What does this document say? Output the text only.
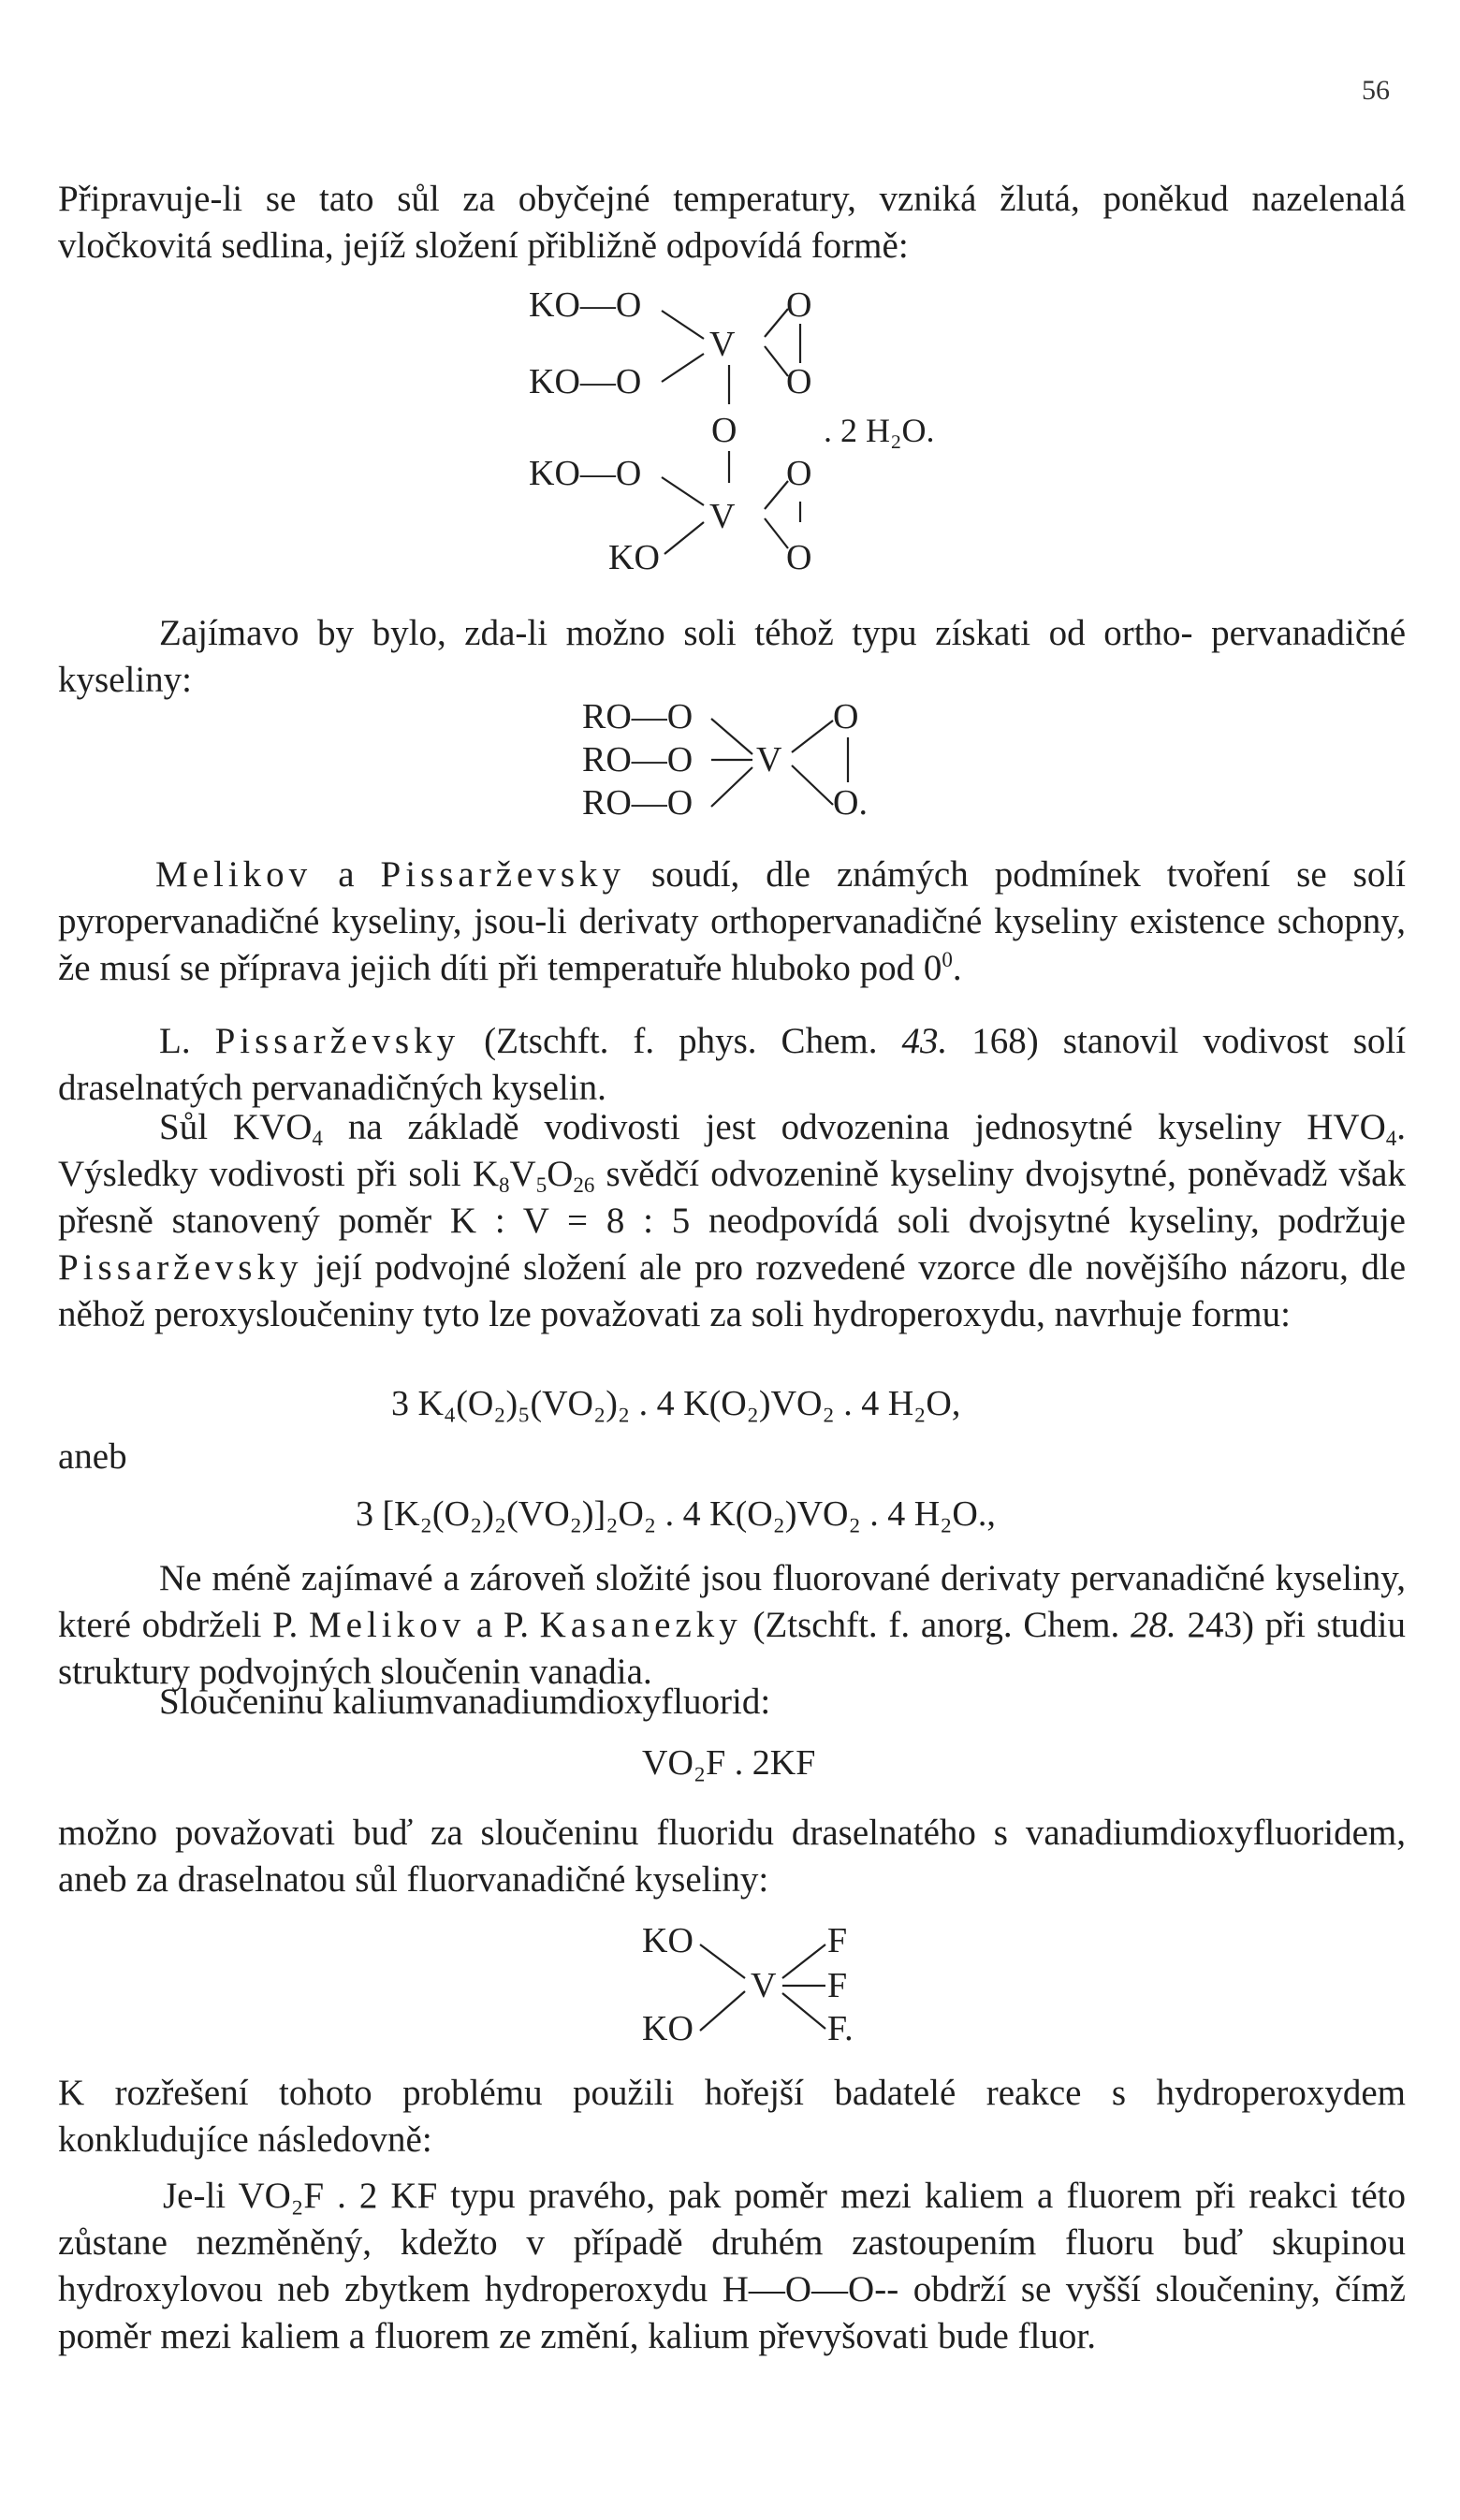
56
Připravuje-li se tato sůl za obyčejné temperatury, vzniká žlutá, poněkud nazelenalá vločkovitá sedlina, jejíž složení přibližně odpovídá formě:
KO—O
KO—O
KO—O
KO
V
V
O
O
O
O
O
. 2 H₂O.
Zajímavo by bylo, zda-li možno soli téhož typu získati od ortho- pervanadičné kyseliny:
RO—O
RO—O
RO—O
V
O
O.
Melikov a Pissarževsky soudí, dle známých podmínek tvoření se solí pyropervanadičné kyseliny, jsou-li derivaty orthopervanadičné kyseliny existence schopny, že musí se příprava jejich díti při temperatuře hluboko pod $0^0$.
L. Pissarževsky (Ztschft. f. phys. Chem. 43. 168) stanovil vodivost solí draselnatých pervanadičných kyselin.
Sůl $KVO_4$ na základě vodivosti jest odvozenina jednosytné kyseliny $HVO_4$. Výsledky vodivosti při soli $K_8V_5O_{26}$ svědčí odvozenině kyseliny dvojsytné, poněvadž však přesně stanovený poměr K : V = 8 : 5 neodpovídá soli dvojsytné kyseliny, podržuje Pissarževsky její podvojné složení ale pro rozvedené vzorce dle novějšího názoru, dle něhož peroxysloučeniny tyto lze považovati za soli hydroperoxydu, navrhuje formu:
3 K₄(O₂)₅(VO₂)₂ . 4 K(O₂)VO₂ . 4 H₂O,
aneb
3 [K₂(O₂)₂(VO₂)]₂O₂ . 4 K(O₂)VO₂ . 4 H₂O.,
Ne méně zajímavé a zároveň složité jsou fluorované derivaty pervanadičné kyseliny, které obdrželi P. Melikov a P. Kasanezky (Ztschft. f. anorg. Chem. 28. 243) při studiu struktury podvojných sloučenin vanadia.
Sloučeninu kaliumvanadiumdioxyfluorid:
VO₂F . 2KF
možno považovati buď za sloučeninu fluoridu draselnatého s vanadiumdioxyfluoridem, aneb za draselnatou sůl fluorvanadičné kyseliny:
KO
KO
V
F
F
F.
K rozřešení tohoto problému použili hořejší badatelé reakce s hydroperoxydem konkludujíce následovně:
Je-li VO₂F . 2 KF typu pravého, pak poměr mezi kaliem a fluorem při reakci této zůstane nezměněný, kdežto v případě druhém zastoupením fluoru buď skupinou hydroxylovou neb zbytkem hydroperoxydu H—O—O-- obdrží se vyšší sloučeniny, čímž poměr mezi kaliem a fluorem ze změní, kalium převyšovati bude fluor.
